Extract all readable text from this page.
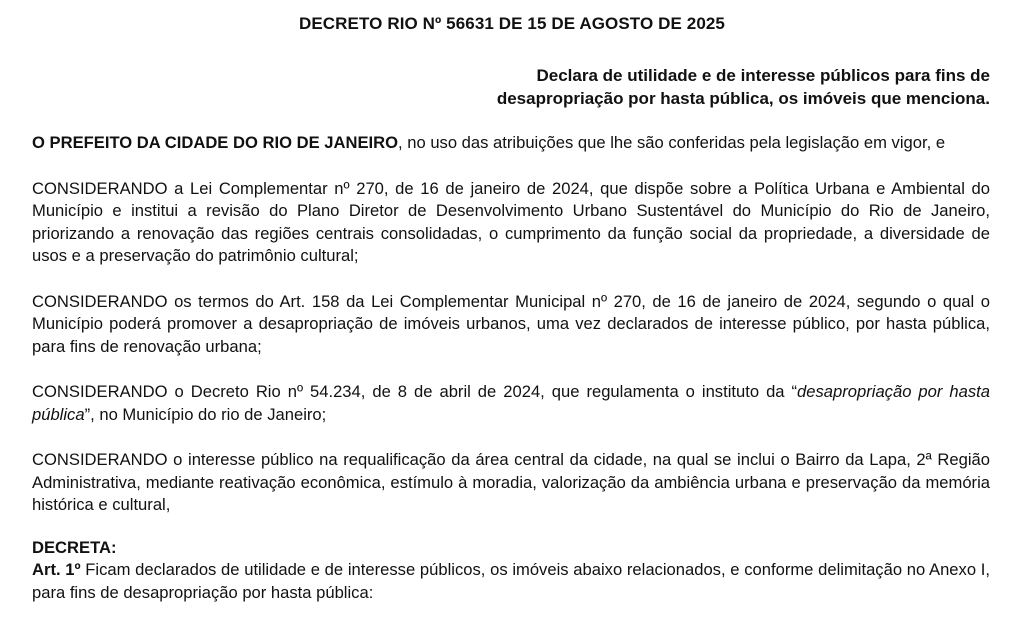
DECRETO RIO Nº 56631 DE 15 DE AGOSTO DE 2025
Declara de utilidade e de interesse públicos para fins de
desapropriação por hasta pública, os imóveis que menciona.

O PREFEITO DA CIDADE DO RIO DE JANEIRO, no uso das atribuições que lhe são conferidas pela legislação em vigor, e

CONSIDERANDO a Lei Complementar nº 270, de 16 de janeiro de 2024, que dispõe sobre a Política Urbana e Ambiental do Município e institui a revisão do Plano Diretor de Desenvolvimento Urbano Sustentável do Município do Rio de Janeiro, priorizando a renovação das regiões centrais consolidadas, o cumprimento da função social da propriedade, a diversidade de usos e a preservação do patrimônio cultural;

CONSIDERANDO os termos do Art. 158 da Lei Complementar Municipal nº 270, de 16 de janeiro de 2024, segundo o qual o Município poderá promover a desapropriação de imóveis urbanos, uma vez declarados de interesse público, por hasta pública, para fins de renovação urbana;

CONSIDERANDO o Decreto Rio nº 54.234, de 8 de abril de 2024, que regulamenta o instituto da “desapropriação por hasta pública”, no Município do rio de Janeiro;

CONSIDERANDO o interesse público na requalificação da área central da cidade, na qual se inclui o Bairro da Lapa, 2ª Região Administrativa, mediante reativação econômica, estímulo à moradia, valorização da ambiência urbana e preservação da memória histórica e cultural,

DECRETA:

Art. 1º Ficam declarados de utilidade e de interesse públicos, os imóveis abaixo relacionados, e conforme delimitação no Anexo I, para fins de desapropriação por hasta pública:
